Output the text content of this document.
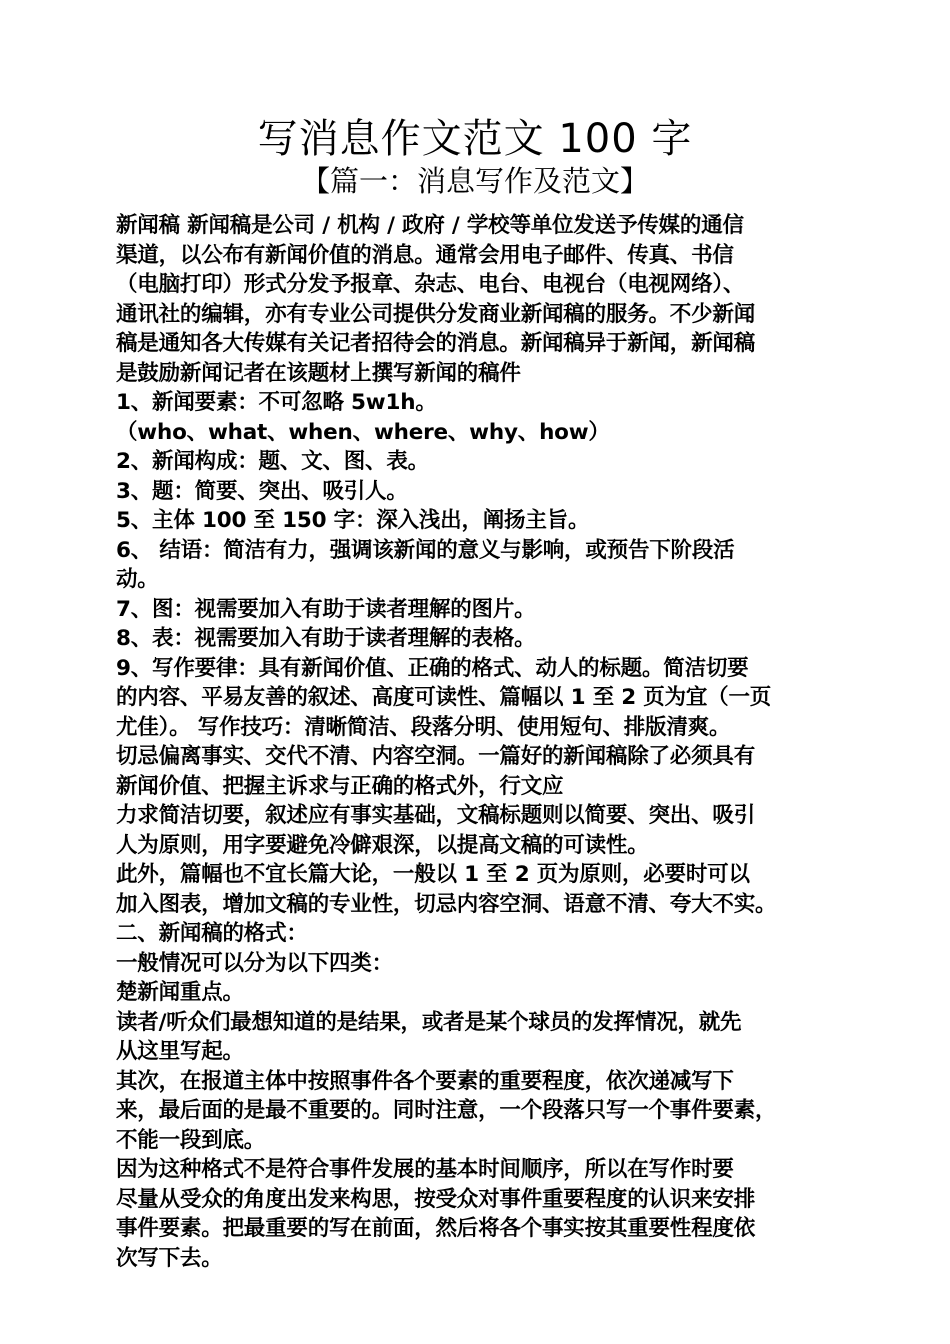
写消息作文范文 100 字
【篇一：消息写作及范文】
新闻稿 新闻稿是公司 / 机构 / 政府 / 学校等单位发送予传媒的通信
渠道，以公布有新闻价值的消息。通常会用电子邮件、传真、书信
（电脑打印）形式分发予报章、杂志、电台、电视台（电视网络）、
通讯社的编辑，亦有专业公司提供分发商业新闻稿的服务。不少新闻
稿是通知各大传媒有关记者招待会的消息。新闻稿异于新闻，新闻稿
是鼓励新闻记者在该题材上撰写新闻的稿件
1、新闻要素：不可忽略 5w1h。
（who、what、when、where、why、how）
2、新闻构成：题、文、图、表。
3、题：简要、突出、吸引人。
5、主体 100 至 150 字：深入浅出，阐扬主旨。
6、 结语：简洁有力，强调该新闻的意义与影响，或预告下阶段活
动。
7、图：视需要加入有助于读者理解的图片。
8、表：视需要加入有助于读者理解的表格。
9、写作要律：具有新闻价值、正确的格式、动人的标题。简洁切要
的内容、平易友善的叙述、高度可读性、篇幅以 1 至 2 页为宜（一页
尤佳）。 写作技巧：清晰简洁、段落分明、使用短句、排版清爽。
切忌偏离事实、交代不清、内容空洞。一篇好的新闻稿除了必须具有
新闻价值、把握主诉求与正确的格式外，行文应
力求简洁切要，叙述应有事实基础，文稿标题则以简要、突出、吸引
人为原则，用字要避免冷僻艰深，以提高文稿的可读性。
此外，篇幅也不宜长篇大论，一般以 1 至 2 页为原则，必要时可以
加入图表，增加文稿的专业性，切忌内容空洞、语意不清、夸大不实。
二、新闻稿的格式：
一般情况可以分为以下四类：
楚新闻重点。
读者/听众们最想知道的是结果，或者是某个球员的发挥情况，就先
从这里写起。
其次，在报道主体中按照事件各个要素的重要程度，依次递减写下
来，最后面的是最不重要的。同时注意，一个段落只写一个事件要素，
不能一段到底。
因为这种格式不是符合事件发展的基本时间顺序，所以在写作时要
尽量从受众的角度出发来构思，按受众对事件重要程度的认识来安排
事件要素。把最重要的写在前面，然后将各个事实按其重要性程度依
次写下去。
